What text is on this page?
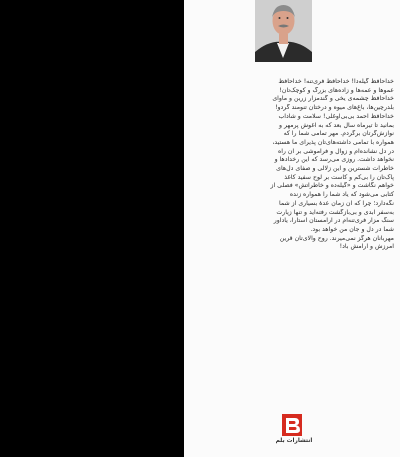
خداحافظ گیله‌دا! خداحافظ فری‌تنه! خداحافظ
عموها و عمه‌ها و زاده‌های بزرگ و کوچک‌تان!
خداحافظ چشمه‌ی یخی و گندمزار زرین و مأوای
بلدرچین‌ها، باغ‌های میوه و درختان تنومند گردو!
خداحافظ احمد بی‌بی‌اوغلی! سلامت و شاداب
بمانید تا تیرماه سال بعد که به آغوش پرمهر و
نوازش‌گرتان برگردم. مهر تمامی شما را که
همواره با تمامی داشته‌های‌تان پذیرای ما هستید،
در دل نشانده‌ام و زوال و فراموشی بر آن راه
نخواهد داشت. روزی می‌رسد که این رخدادها و
خاطرات شسترین و این زلالی و صفای دل‌های
پاک‌تان را بی‌کم و کاست بر لوح سفید کاغذ
خواهم نگاشت و «گیله‌ده و خاطراتش» فصلی از
کتابی می‌شود که یاد شما را همواره زنده
نگه‌دارد؛ چرا که آن زمان عدهٔ بسیاری از شما
به‌سفر ابدی و بی‌بازگشت رفته‌اید و تنها زیارت
سنگ مزار فری‌تنه‌ام در آرامستان آستارا، یادآور
شما در دل و جان من خواهد بود.
مهربانان هرگز نمی‌میرند. روح والای‌تان قرین
آمرزش و آرامش باد!
انتشارات بلم
